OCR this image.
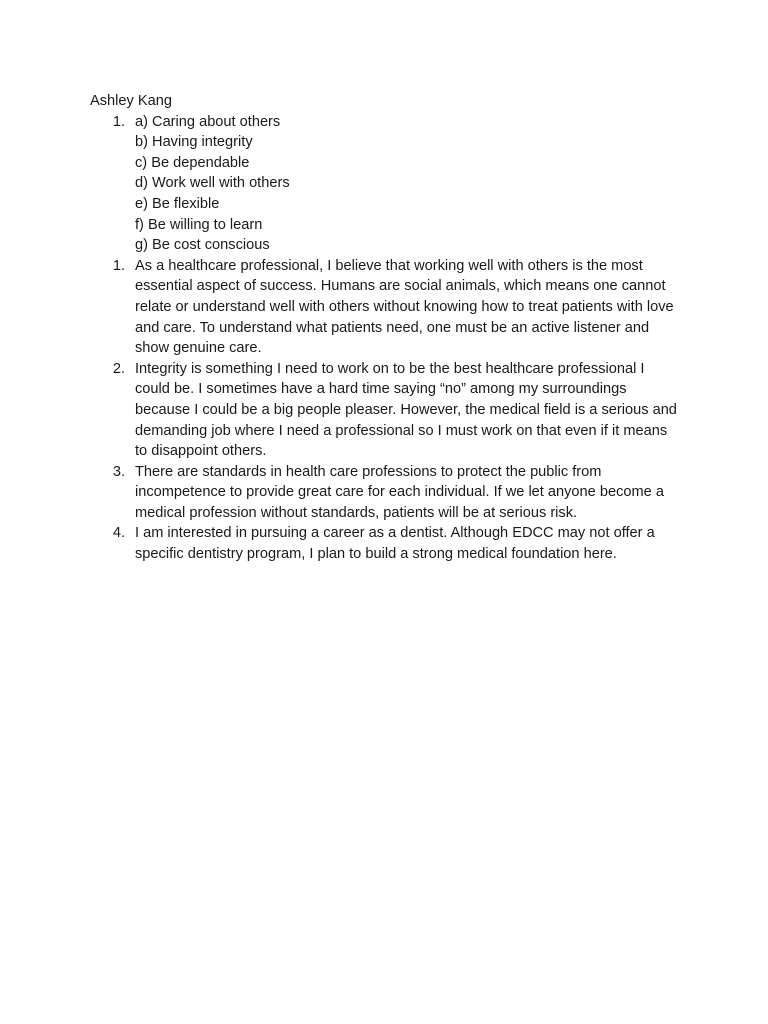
Ashley Kang

1. a) Caring about others
b) Having integrity
c) Be dependable
d) Work well with others
e) Be flexible
f) Be willing to learn
g) Be cost conscious
1. As a healthcare professional, I believe that working well with others is the most essential aspect of success. Humans are social animals, which means one cannot relate or understand well with others without knowing how to treat patients with love and care. To understand what patients need, one must be an active listener and show genuine care.
2. Integrity is something I need to work on to be the best healthcare professional I could be. I sometimes have a hard time saying “no” among my surroundings because I could be a big people pleaser. However, the medical field is a serious and demanding job where I need a professional so I must work on that even if it means to disappoint others.
3. There are standards in health care professions to protect the public from incompetence to provide great care for each individual. If we let anyone become a medical profession without standards, patients will be at serious risk.
4. I am interested in pursuing a career as a dentist. Although EDCC may not offer a specific dentistry program, I plan to build a strong medical foundation here.
